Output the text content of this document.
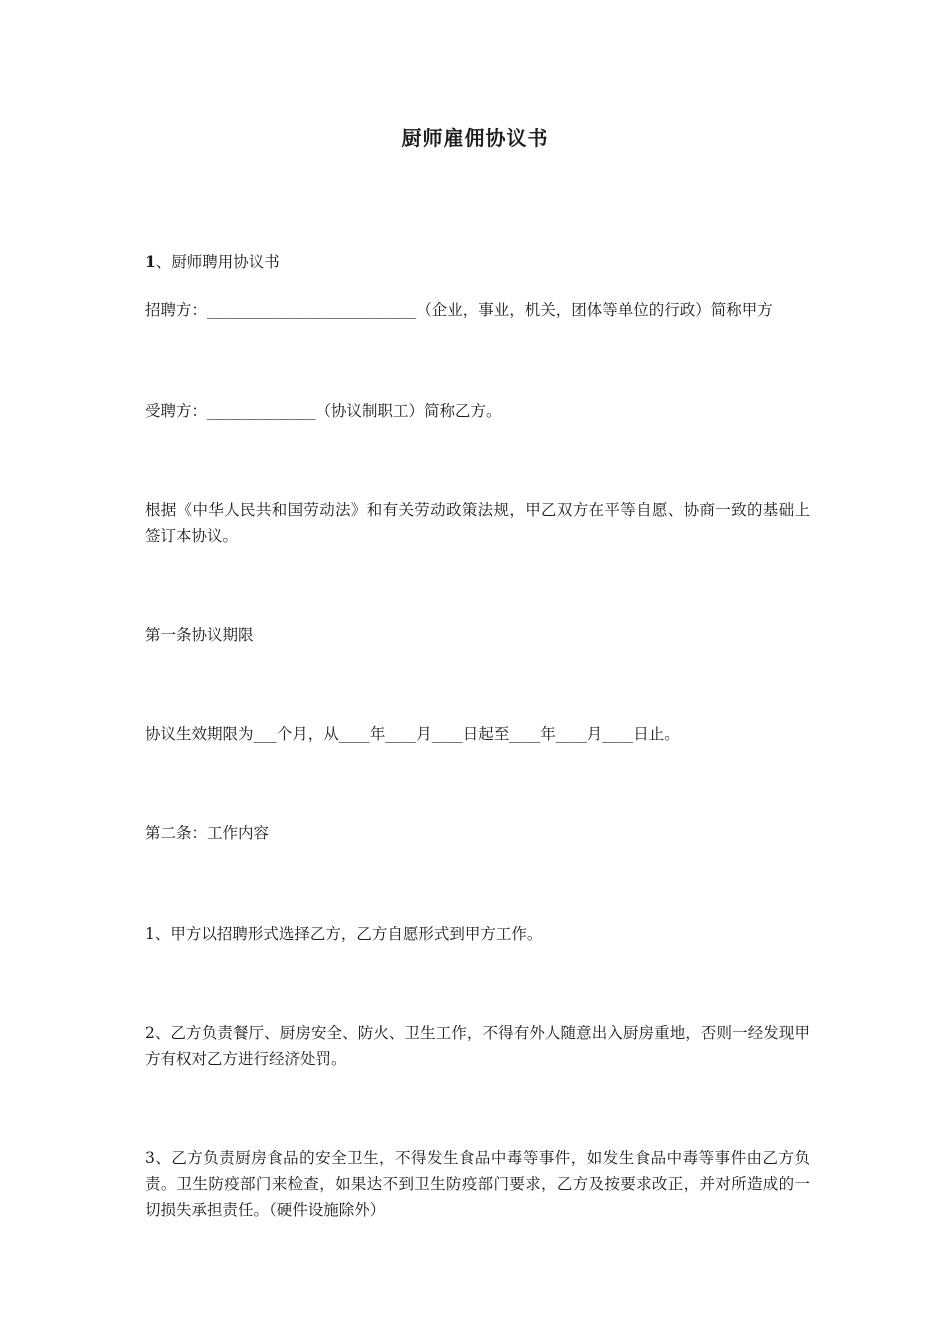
厨师雇佣协议书
1、厨师聘用协议书
招聘方：___________________________（企业，事业，机关，团体等单位的行政）简称甲方
受聘方：______________（协议制职工）简称乙方。
根据《中华人民共和国劳动法》和有关劳动政策法规，甲乙双方在平等自愿、协商一致的基础上签订本协议。
第一条协议期限
协议生效期限为___个月，从____年____月____日起至____年____月____日止。
第二条：工作内容
1、甲方以招聘形式选择乙方，乙方自愿形式到甲方工作。
2、乙方负责餐厅、厨房安全、防火、卫生工作，不得有外人随意出入厨房重地，否则一经发现甲方有权对乙方进行经济处罚。
3、乙方负责厨房食品的安全卫生，不得发生食品中毒等事件，如发生食品中毒等事件由乙方负责。卫生防疫部门来检查，如果达不到卫生防疫部门要求，乙方及按要求改正，并对所造成的一切损失承担责任。（硬件设施除外）
